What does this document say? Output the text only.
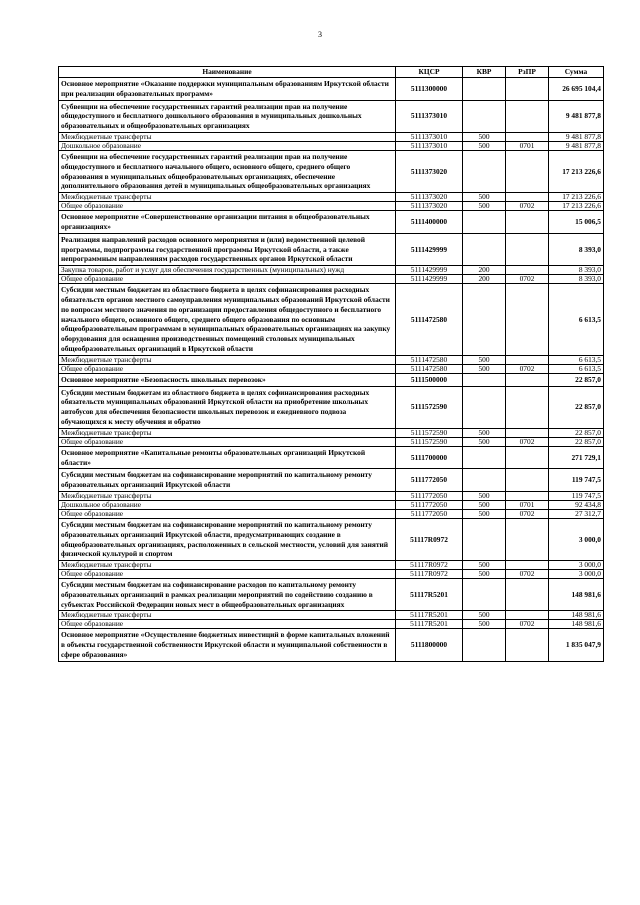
3
Наименование	КЦСР	КВР	РзПР	Сумма
Основное мероприятие «Оказание поддержки муниципальным образованиям Иркутской области при реализации образовательных программ»	5111300000			26 695 104,4
Субвенции на обеспечение государственных гарантий реализации прав на получение общедоступного и бесплатного дошкольного образования в муниципальных дошкольных образовательных и общеобразовательных организациях	5111373010			9 481 877,8
Межбюджетные трансферты	5111373010	500		9 481 877,8
Дошкольное образование	5111373010	500	0701	9 481 877,8
Субвенции на обеспечение государственных гарантий реализации прав на получение общедоступного и бесплатного начального общего, основного общего, среднего общего образования в муниципальных общеобразовательных организациях, обеспечение дополнительного образования детей в муниципальных общеобразовательных организациях	5111373020			17 213 226,6
Межбюджетные трансферты	5111373020	500		17 213 226,6
Общее образование	5111373020	500	0702	17 213 226,6
Основное мероприятие «Совершенствование организации питания в общеобразовательных организациях»	5111400000			15 006,5
Реализация направлений расходов основного мероприятия и (или) ведомственной целевой программы, подпрограммы государственной программы Иркутской области, а также непрограммным направлениям расходов государственных органов Иркутской области	5111429999			8 393,0
Закупка товаров, работ и услуг для обеспечения государственных (муниципальных) нужд	5111429999	200		8 393,0
Общее образование	5111429999	200	0702	8 393,0
Субсидии местным бюджетам из областного бюджета в целях софинансирования расходных обязательств органов местного самоуправления муниципальных образований Иркутской области по вопросам местного значения по организации предоставления общедоступного и бесплатного начального общего, основного общего, среднего общего образования по основным общеобразовательным программам в муниципальных образовательных организациях на закупку оборудования для оснащения производственных помещений столовых муниципальных общеобразовательных организаций в Иркутской области	5111472580			6 613,5
Межбюджетные трансферты	5111472580	500		6 613,5
Общее образование	5111472580	500	0702	6 613,5
Основное мероприятие «Безопасность школьных перевозок»	5111500000			22 857,0
Субсидии местным бюджетам из областного бюджета в целях софинансирования расходных обязательств муниципальных образований Иркутской области на приобретение школьных автобусов для обеспечения безопасности школьных перевозок и ежедневного подвоза обучающихся к месту обучения и обратно	5111572590			22 857,0
Межбюджетные трансферты	5111572590	500		22 857,0
Общее образование	5111572590	500	0702	22 857,0
Основное мероприятие «Капитальные ремонты образовательных организаций Иркутской области»	5111700000			271 729,1
Субсидии местным бюджетам на софинансирование мероприятий по капитальному ремонту образовательных организаций Иркутской области	5111772050			119 747,5
Межбюджетные трансферты	5111772050	500		119 747,5
Дошкольное образование	5111772050	500	0701	92 434,8
Общее образование	5111772050	500	0702	27 312,7
Субсидии местным бюджетам на софинансирование мероприятий по капитальному ремонту образовательных организаций Иркутской области, предусматривающих создание в общеобразовательных организациях, расположенных в сельской местности, условий для занятий физической культурой и спортом	51117R0972			3 000,0
Межбюджетные трансферты	51117R0972	500		3 000,0
Общее образование	51117R0972	500	0702	3 000,0
Субсидии местным бюджетам на софинансирование расходов по капитальному ремонту образовательных организаций в рамках реализации мероприятий по содействию созданию в субъектах Российской Федерации новых мест в общеобразовательных организациях	51117R5201			148 981,6
Межбюджетные трансферты	51117R5201	500		148 981,6
Общее образование	51117R5201	500	0702	148 981,6
Основное мероприятие «Осуществление бюджетных инвестиций в форме капитальных вложений в объекты государственной собственности Иркутской области и муниципальной собственности в сфере образования»	5111800000			1 835 047,9
